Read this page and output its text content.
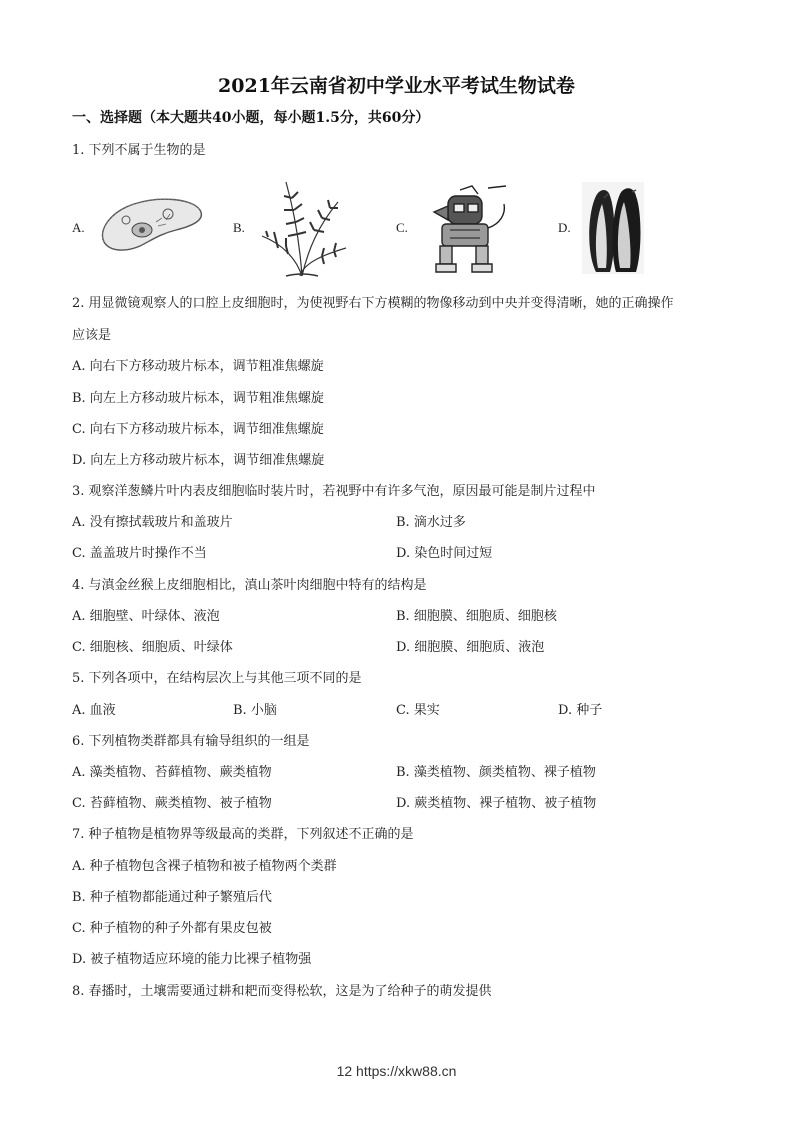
2021年云南省初中学业水平考试生物试卷
一、选择题（本大题共40小题，每小题1.5分，共60分）
1. 下列不属于生物的是
A.	B.	C.	D.
2. 用显微镜观察人的口腔上皮细胞时，为使视野右下方模糊的物像移动到中央并变得清晰，她的正确操作
应该是
A. 向右下方移动玻片标本，调节粗准焦螺旋
B. 向左上方移动玻片标本，调节粗准焦螺旋
C. 向右下方移动玻片标本，调节细准焦螺旋
D. 向左上方移动玻片标本，调节细准焦螺旋
3. 观察洋葱鳞片叶内表皮细胞临时装片时，若视野中有许多气泡，原因最可能是制片过程中
A. 没有擦拭载玻片和盖玻片	B. 滴水过多
C. 盖盖玻片时操作不当	D. 染色时间过短
4. 与滇金丝猴上皮细胞相比，滇山茶叶肉细胞中特有的结构是
A. 细胞壁、叶绿体、液泡	B. 细胞膜、细胞质、细胞核
C. 细胞核、细胞质、叶绿体	D. 细胞膜、细胞质、液泡
5. 下列各项中，在结构层次上与其他三项不同的是
A. 血液	B. 小脑	C. 果实	D. 种子
6. 下列植物类群都具有输导组织的一组是
A. 藻类植物、苔藓植物、蕨类植物	B. 藻类植物、颜类植物、裸子植物
C. 苔藓植物、蕨类植物、被子植物	D. 蕨类植物、裸子植物、被子植物
7. 种子植物是植物界等级最高的类群，下列叙述不正确的是
A. 种子植物包含裸子植物和被子植物两个类群
B. 种子植物都能通过种子繁殖后代
C. 种子植物的种子外都有果皮包被
D. 被子植物适应环境的能力比裸子植物强
8. 春播时，土壤需要通过耕和耙而变得松软，这是为了给种子的萌发提供
12 https://xkw88.cn
